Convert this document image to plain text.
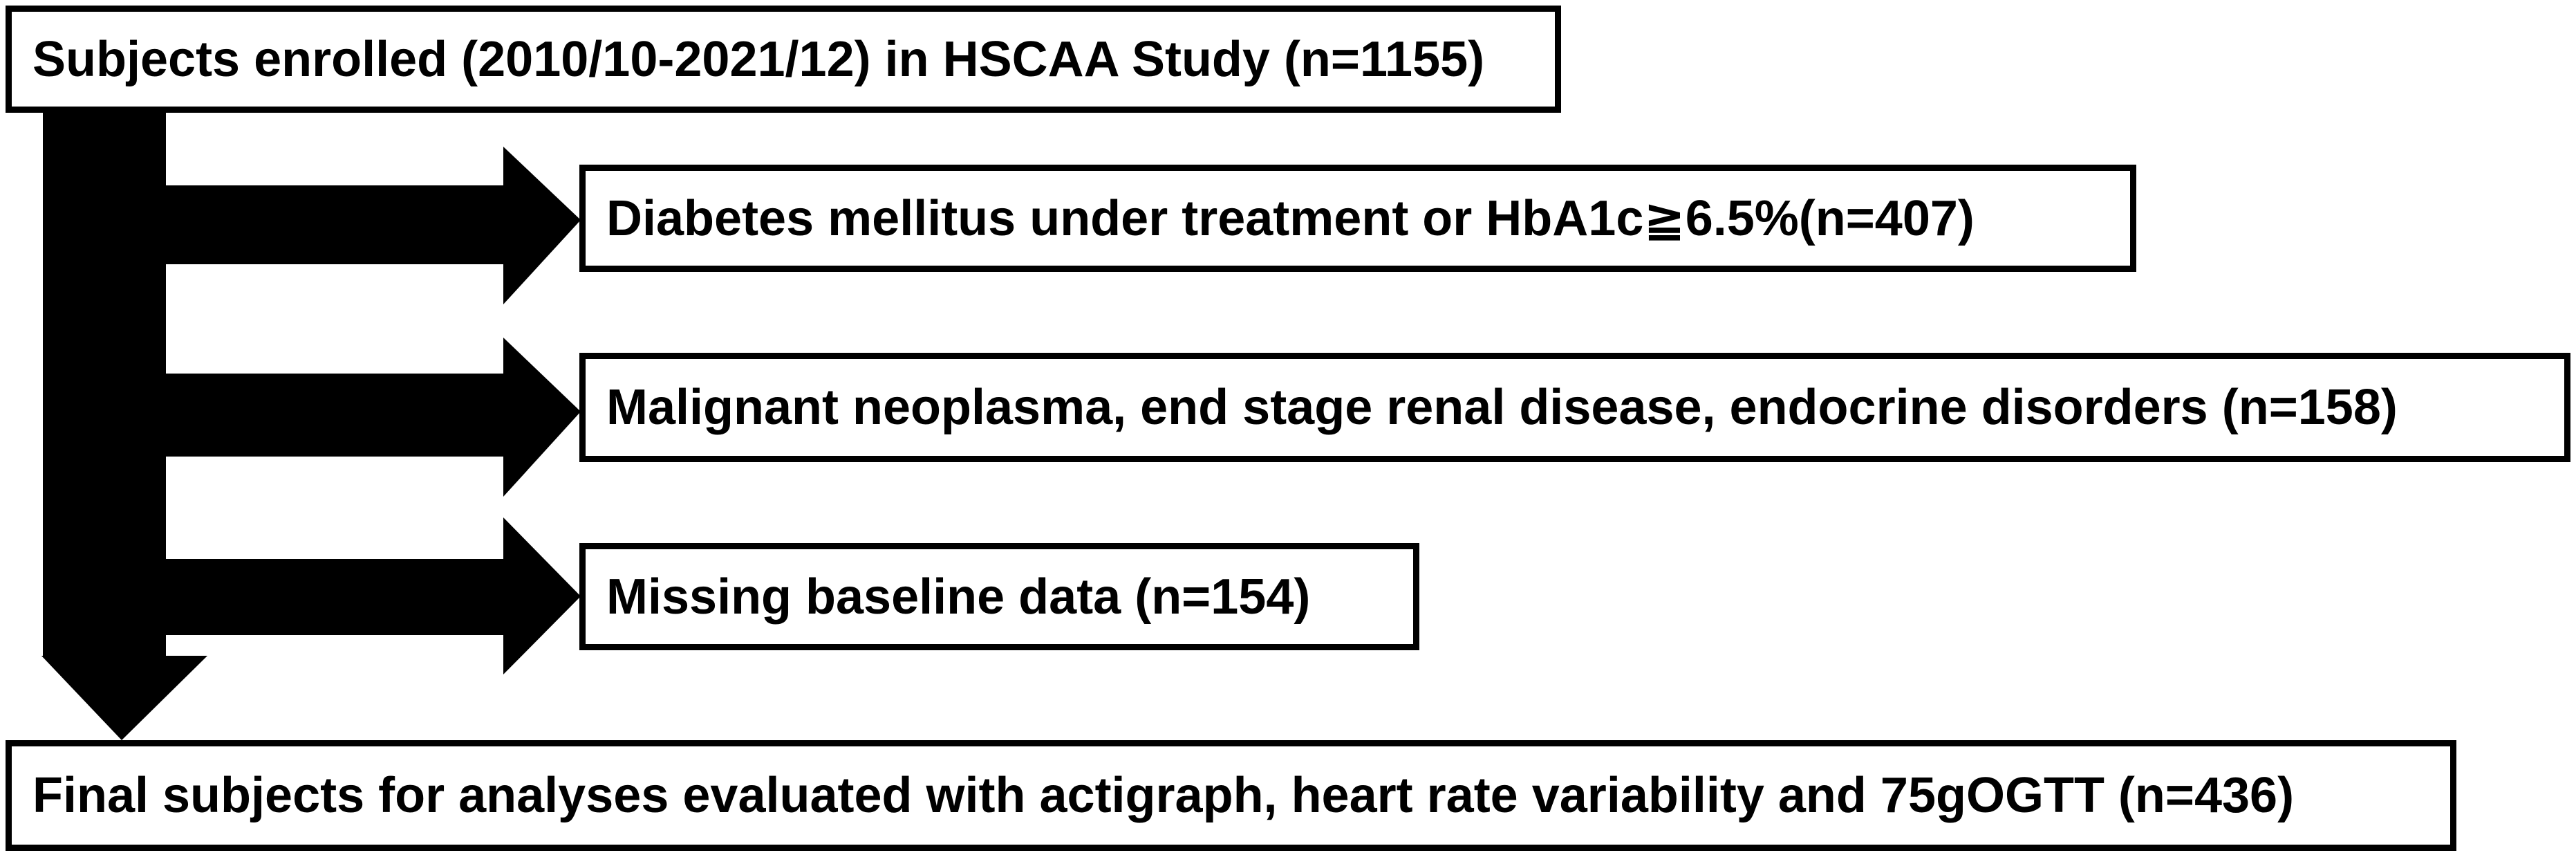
Subjects enrolled (2010/10-2021/12) in HSCAA Study (n=1155)
Diabetes mellitus under treatment or HbA1c≧6.5%(n=407)
Malignant neoplasma, end stage renal disease, endocrine disorders (n=158)
Missing baseline data (n=154)
Final subjects for analyses evaluated with actigraph, heart rate variability and 75gOGTT (n=436)
